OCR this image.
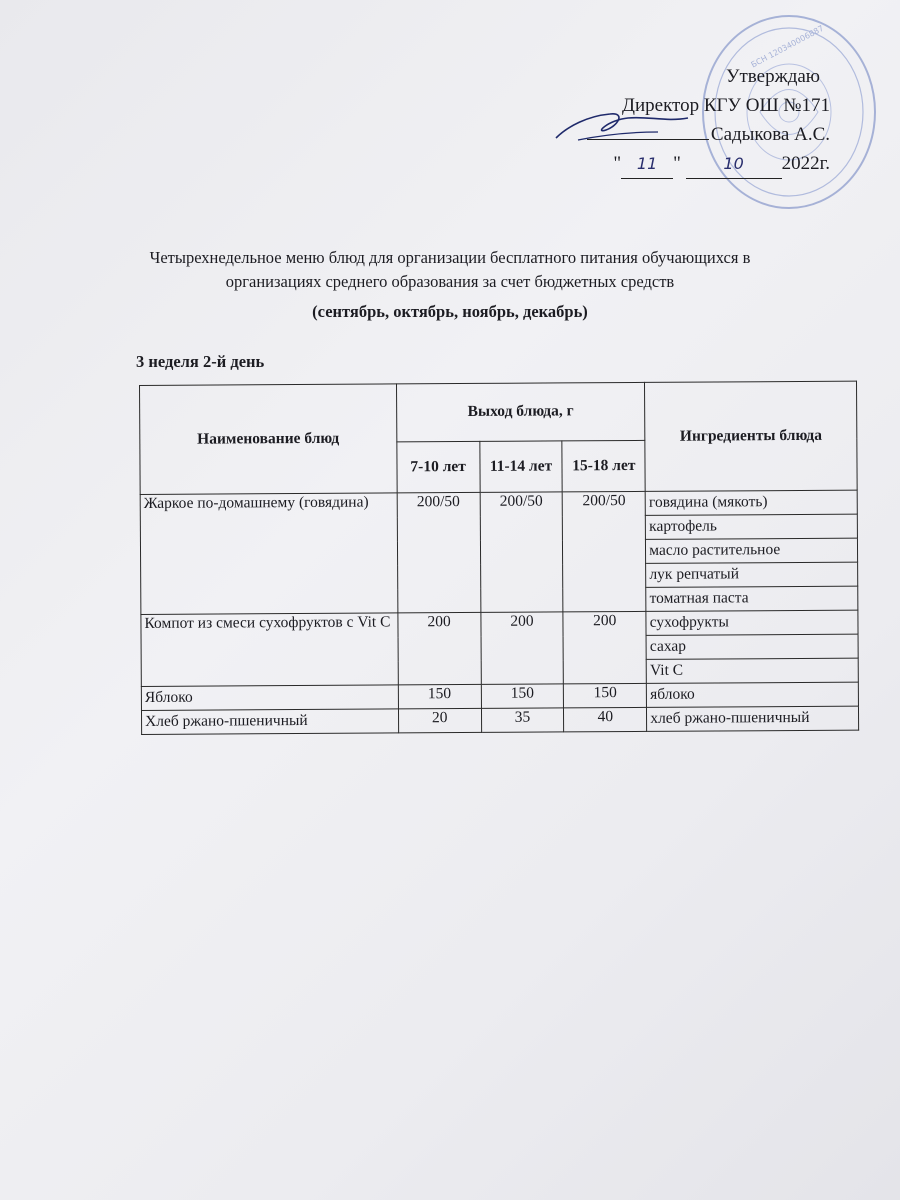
БСН 120340006887
Утверждаю
Директор КГУ ОШ №171
Садыкова А.С.
" 11 " 10 2022г.
Четырехнедельное меню блюд для организации бесплатного питания обучающихся в
организациях среднего образования за счет бюджетных средств
(сентябрь, октябрь, ноябрь, декабрь)
3 неделя 2-й день
Наименование блюд	Выход блюда, г			Ингредиенты блюда
	7-10 лет	11-14 лет	15-18 лет	
Жаркое по-домашнему (говядина)	200/50	200/50	200/50	говядина (мякоть)
				картофель
				масло растительное
				лук репчатый
				томатная паста
Компот из смеси сухофруктов с Vit C	200	200	200	сухофрукты
				сахар
				Vit C
Яблоко	150	150	150	яблоко
Хлеб ржано-пшеничный	20	35	40	хлеб ржано-пшеничный
